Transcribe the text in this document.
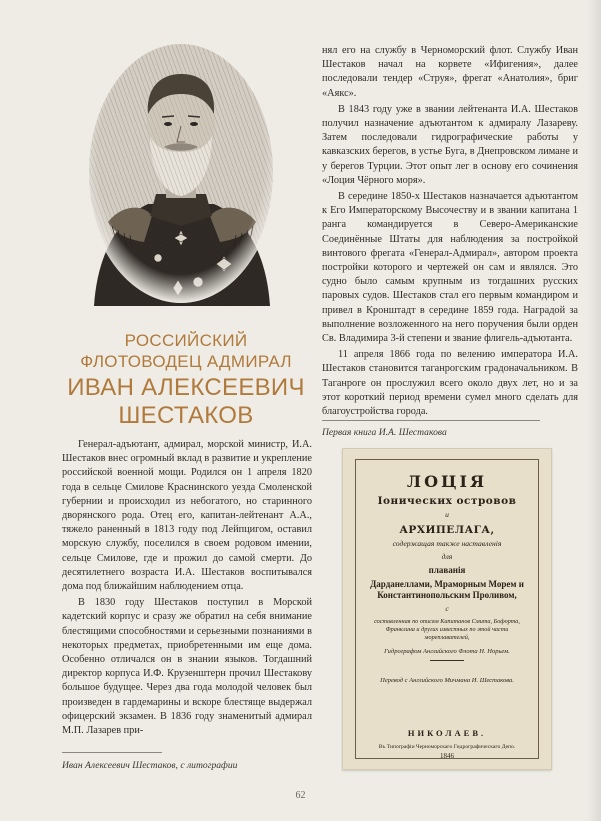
РОССИЙСКИЙ
ФЛОТОВОДЕЦ АДМИРАЛ
ИВАН АЛЕКСЕЕВИЧ
ШЕСТАКОВ

Генерал-адъютант, адмирал, морской министр, И.А. Шестаков внес огромный вклад в развитие и укрепление российской военной мощи. Родился он 1 апреля 1820 года в сельце Смилове Краснинского уезда Смоленской губернии и происходил из небогатого, но старинного дворянского рода. Отец его, капитан-лейтенант А.А., тяжело раненный в 1813 году под Лейпцигом, оставил морскую службу, поселился в своем родовом имении, сельце Смилове, где и прожил до самой смерти. До десятилетнего возраста И.А. Шестаков воспитывался дома под ближайшим наблюдением отца.

В 1830 году Шестаков поступил в Морской кадетский корпус и сразу же обратил на себя внимание блестящими способностями и серьезными познаниями в некоторых предметах, приобретенными им еще дома. Особенно отличался он в знании языков. Тогдашний директор корпуса И.Ф. Крузенштерн прочил Шестакову большое будущее. Через два года молодой человек был произведен в гардемарины и вскоре блестяще выдержал офицерский экзамен. В 1836 году знаменитый адмирал М.П. Лазарев при-

нял его на службу в Черноморский флот. Службу Иван Шестаков начал на корвете «Ифигения», далее последовали тендер «Струя», фрегат «Анатолия», бриг «Аякс».

В 1843 году уже в звании лейтенанта И.А. Шестаков получил назначение адъютантом к адмиралу Лазареву. Затем последовали гидрографические работы у кавказских берегов, в устье Буга, в Днепровском лимане и у берегов Турции. Этот опыт лег в основу его сочинения «Лоция Чёрного моря».

В середине 1850-х Шестаков назначается адъютантом к Его Императорскому Высочеству и в звании капитана 1 ранга командируется в Северо-Американские Соединённые Штаты для наблюдения за постройкой винтового фрегата «Генерал-Адмирал», автором проекта постройки которого и чертежей он сам и являлся. Это судно было самым крупным из тогдашних русских паровых судов. Шестаков стал его первым командиром и привел в Кронштадт в середине 1859 года. Наградой за выполнение возложенного на него поручения были орден Св. Владимира 3-й степени и звание флигель-адъютанта.

11 апреля 1866 года по велению императора И.А. Шестаков становится таганрогским градоначальником. В Таганроге он прослужил всего около двух лет, но и за этот короткий период времени сумел много сделать для благоустройства города.

Первая книга И.А. Шестакова
ЛОЦІЯ
Іонических островов
и
АРХИПЕЛАГА,
содержащая также наставленія
для
плаванія
Дарданеллами, Мраморным Морем и Константинопольским Проливом,
с
составленная по описям Капитанов Смита, Бофорта, Франклина и других известных по этой части мореплавателей,
Гидрографом Английского Флота Н. Норьем.
Перевод с Английского Мичмана И. Шестакова.
НИКОЛАЕВ.
Въ Типографіи Черноморскаго Гидрографическаго Депо.
1846
Иван Алексеевич Шестаков, с литографии
62
